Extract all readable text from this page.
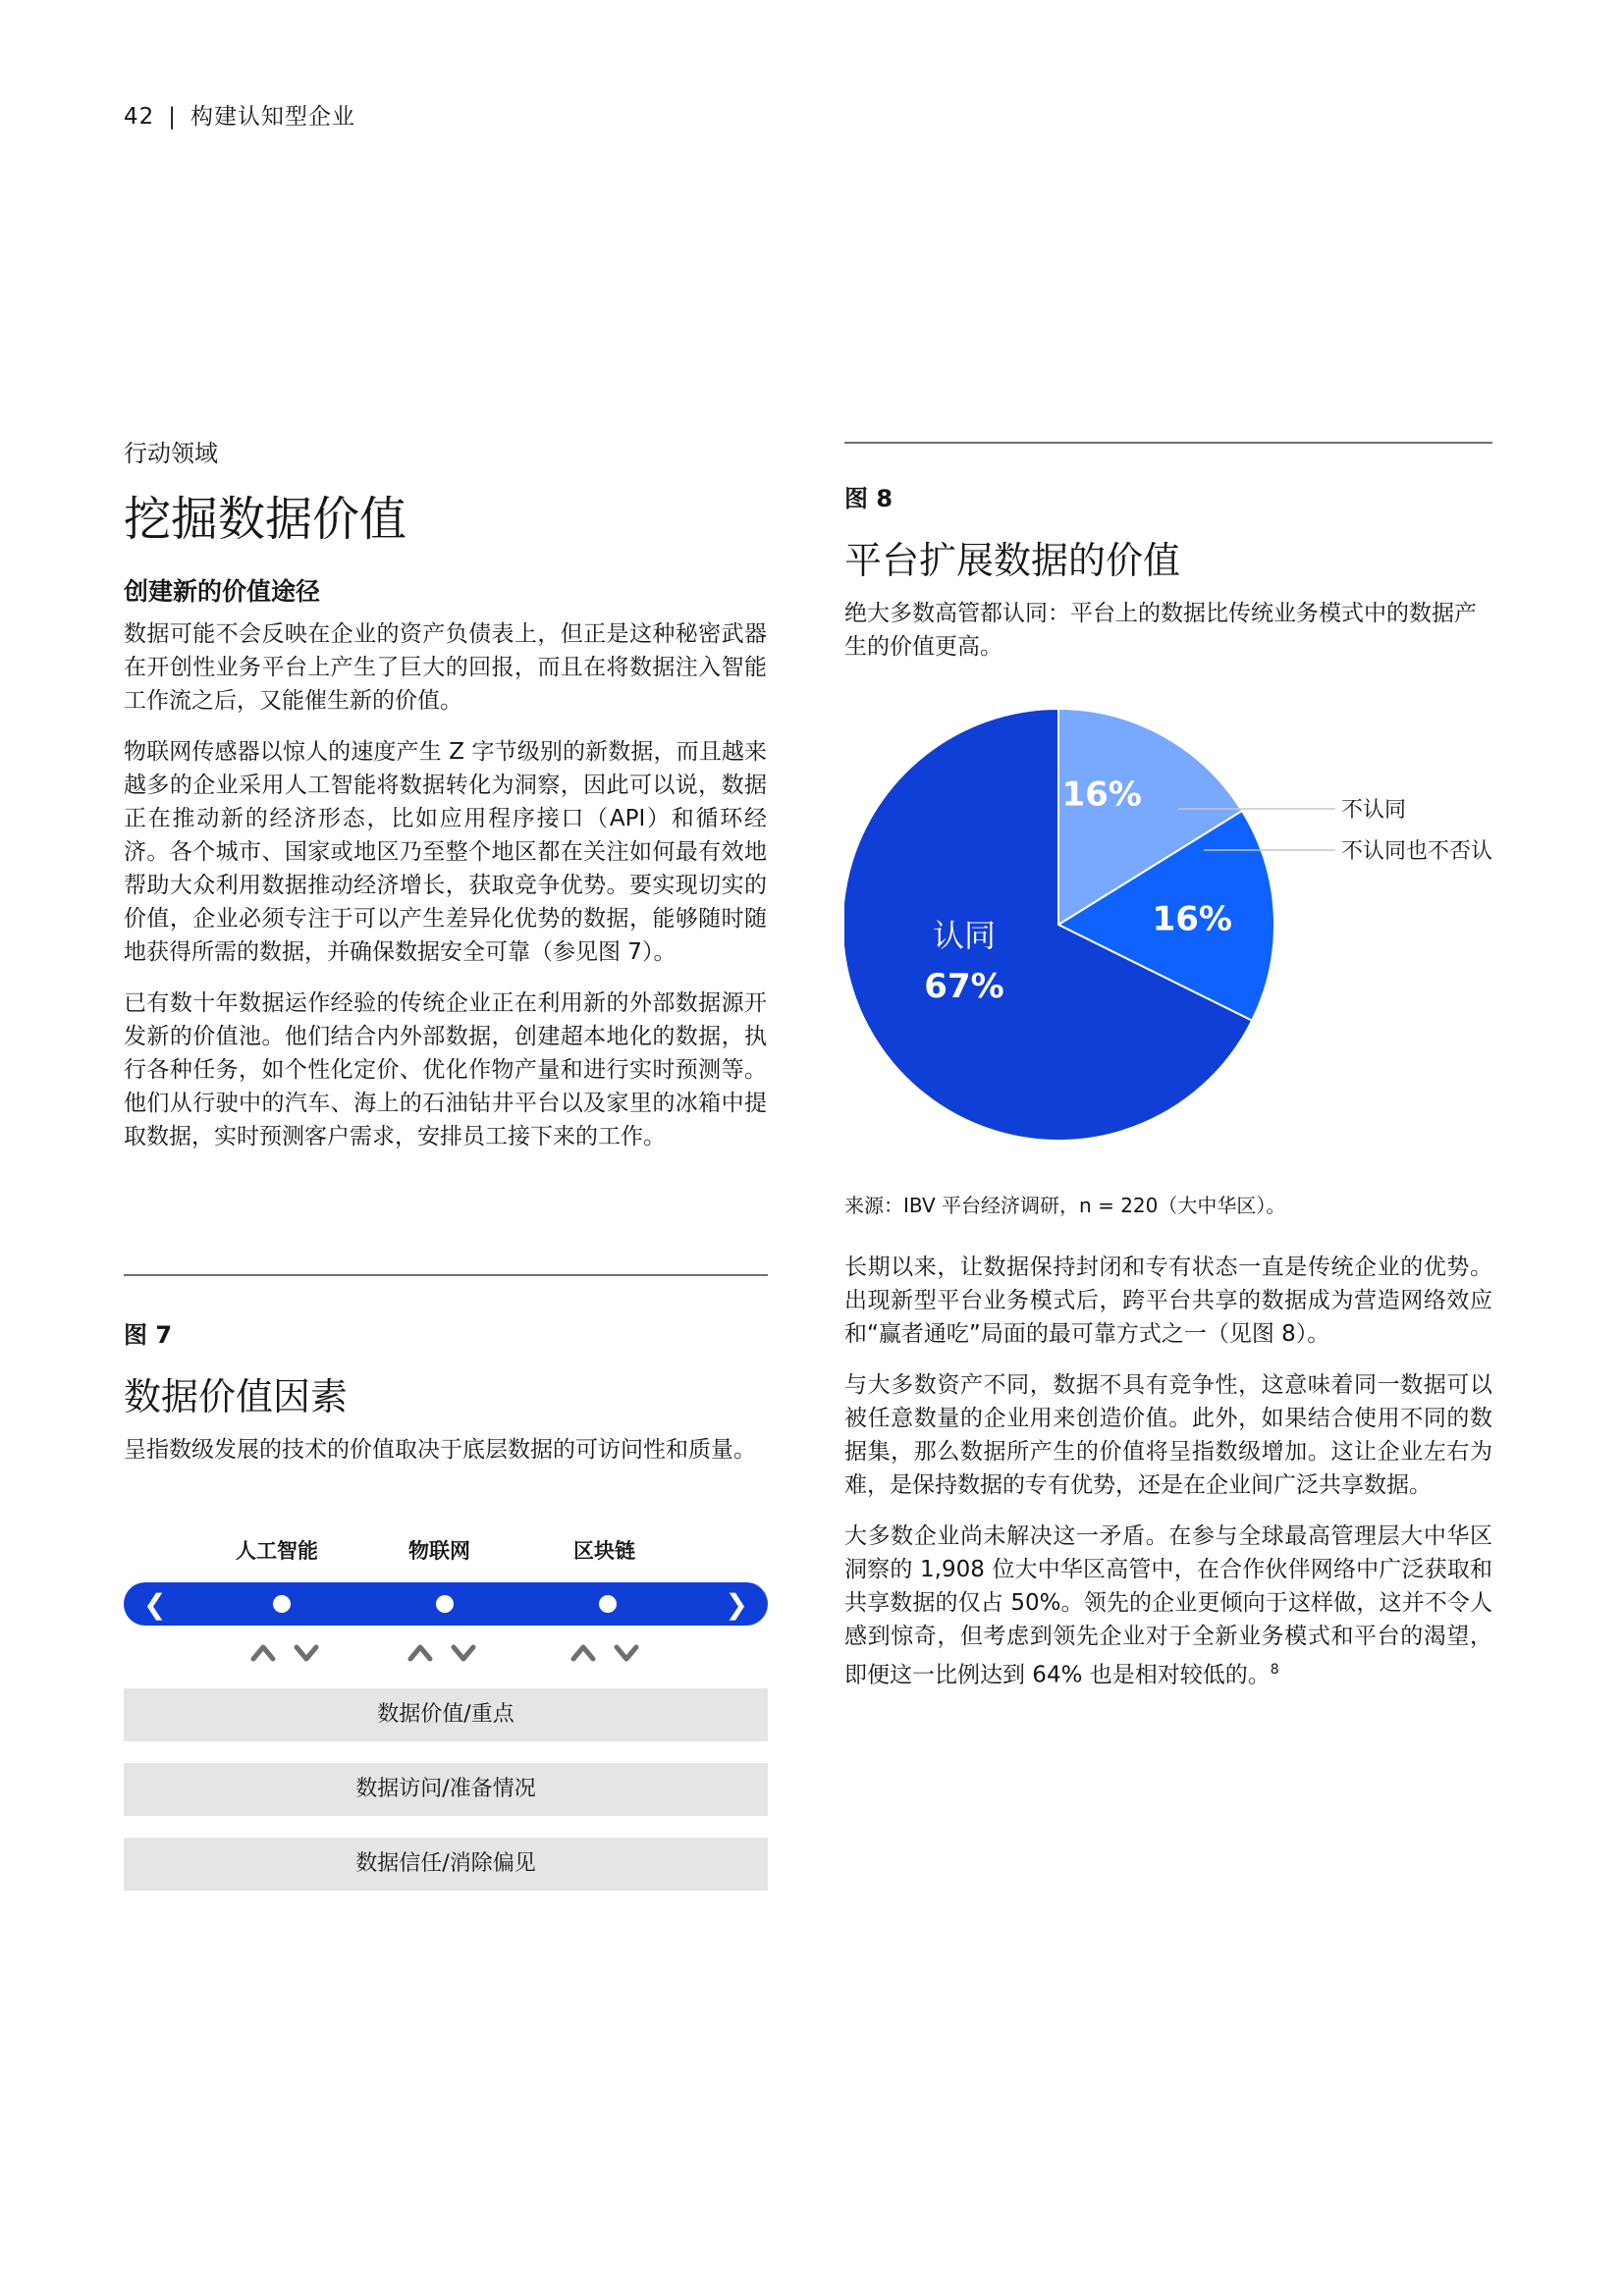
42 | 构建认知型企业
行动领域
挖掘数据价值
创建新的价值途径
数据可能不会反映在企业的资产负债表上，但正是这种秘密武器在开创性业务平台上产生了巨大的回报，而且在将数据注入智能工作流之后，又能催生新的价值。
物联网传感器以惊人的速度产生 Z 字节级别的新数据，而且越来越多的企业采用人工智能将数据转化为洞察，因此可以说，数据正在推动新的经济形态，比如应用程序接口（API）和循环经济。各个城市、国家或地区乃至整个地区都在关注如何最有效地帮助大众利用数据推动经济增长，获取竞争优势。要实现切实的价值，企业必须专注于可以产生差异化优势的数据，能够随时随地获得所需的数据，并确保数据安全可靠（参见图 7）。
已有数十年数据运作经验的传统企业正在利用新的外部数据源开发新的价值池。他们结合内外部数据，创建超本地化的数据，执行各种任务，如个性化定价、优化作物产量和进行实时预测等。他们从行驶中的汽车、海上的石油钻井平台以及家里的冰箱中提取数据，实时预测客户需求，安排员工接下来的工作。
图 7
数据价值因素
呈指数级发展的技术的价值取决于底层数据的可访问性和质量。
人工智能	物联网	区块链
❮	❯
数据价值/重点
数据访问/准备情况
数据信任/消除偏见
图 8
平台扩展数据的价值
绝大多数高管都认同：平台上的数据比传统业务模式中的数据产生的价值更高。
16%
16%
认同
67%
不认同
不认同也不否认
来源：IBV 平台经济调研，n = 220（大中华区）。
长期以来，让数据保持封闭和专有状态一直是传统企业的优势。出现新型平台业务模式后，跨平台共享的数据成为营造网络效应和“赢者通吃”局面的最可靠方式之一（见图 8）。
与大多数资产不同，数据不具有竞争性，这意味着同一数据可以被任意数量的企业用来创造价值。此外，如果结合使用不同的数据集，那么数据所产生的价值将呈指数级增加。这让企业左右为难，是保持数据的专有优势，还是在企业间广泛共享数据。
大多数企业尚未解决这一矛盾。在参与全球最高管理层大中华区洞察的 1,908 位大中华区高管中，在合作伙伴网络中广泛获取和共享数据的仅占 50%。领先的企业更倾向于这样做，这并不令人感到惊奇，但考虑到领先企业对于全新业务模式和平台的渴望，即便这一比例达到 64% 也是相对较低的。$^8$
